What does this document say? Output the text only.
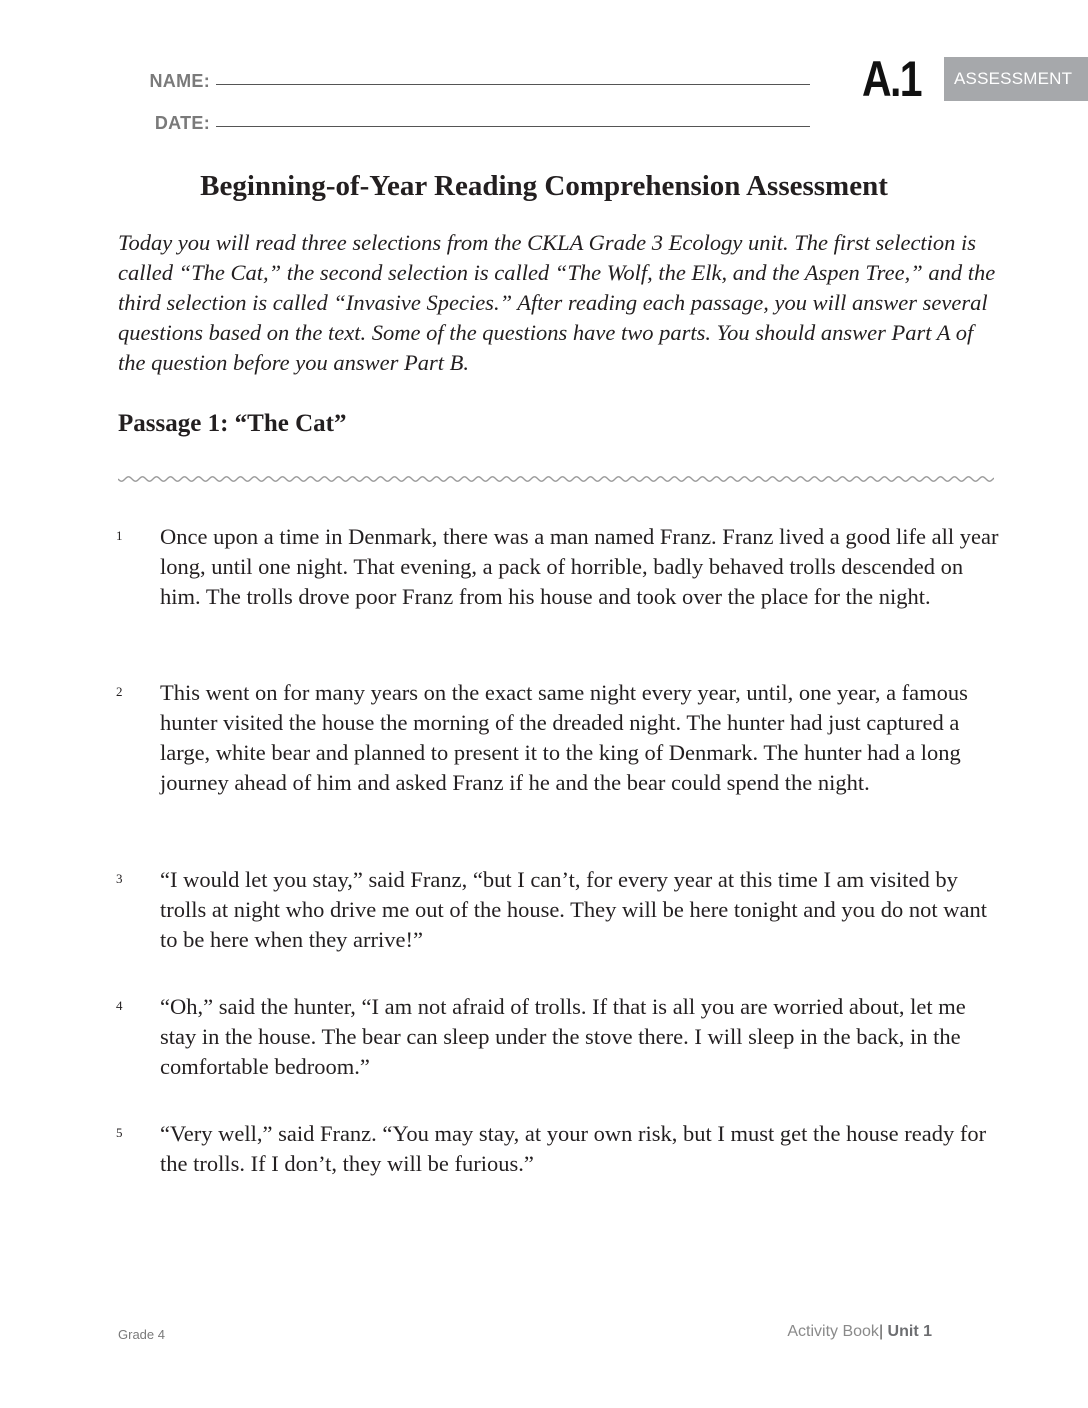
NAME:
DATE:
A.1	ASSESSMENT
Beginning-of-Year Reading Comprehension Assessment

Today you will read three selections from the CKLA Grade 3 Ecology unit. The first selection is called “The Cat,” the second selection is called “The Wolf, the Elk, and the Aspen Tree,” and the third selection is called “Invasive Species.” After reading each passage, you will answer several questions based on the text. Some of the questions have two parts. You should answer Part A of the question before you answer Part B.

Passage 1: “The Cat”
1 Once upon a time in Denmark, there was a man named Franz. Franz lived a good life all year long, until one night. That evening, a pack of horrible, badly behaved trolls descended on him. The trolls drove poor Franz from his house and took over the place for the night.

2 This went on for many years on the exact same night every year, until, one year, a famous hunter visited the house the morning of the dreaded night. The hunter had just captured a large, white bear and planned to present it to the king of Denmark. The hunter had a long journey ahead of him and asked Franz if he and the bear could spend the night.

3 “I would let you stay,” said Franz, “but I can’t, for every year at this time I am visited by trolls at night who drive me out of the house. They will be here tonight and you do not want to be here when they arrive!”

4 “Oh,” said the hunter, “I am not afraid of trolls. If that is all you are worried about, let me stay in the house. The bear can sleep under the stove there. I will sleep in the back, in the comfortable bedroom.”

5 “Very well,” said Franz. “You may stay, at your own risk, but I must get the house ready for the trolls. If I don’t, they will be furious.”

Grade 4	Activity Book| Unit 1
